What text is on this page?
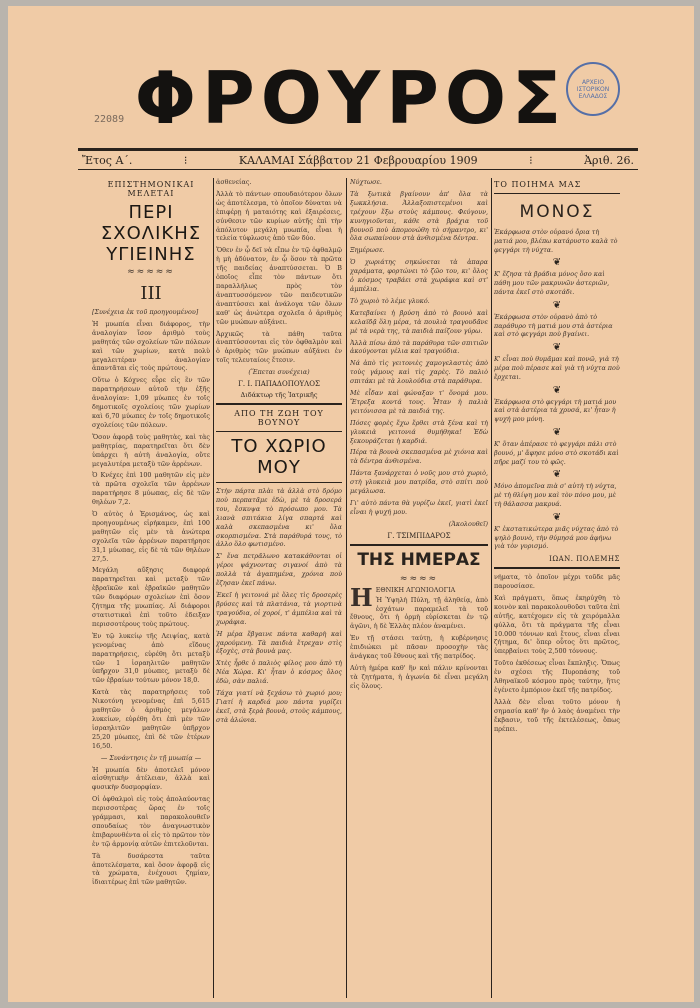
ΦΡΟΥΡΟΣ	ΑΡΧΕΙΟ ΙΣΤΟΡΙΚΟΝ ΕΛΛΑΔΟΣ
22089
Ἔτος Α΄.	⁝	ΚΑΛΑΜΑΙ Σάββατον 21 Φεβρουαρίου 1909	⁝	Ἀριθ. 26.
ΕΠΙΣΤΗΜΟΝΙΚΑΙ ΜΕΛΕΤΑΙ
ΠΕΡΙ ΣΧΟΛΙΚΗΣ ΥΓΙΕΙΝΗΣ
≈≈≈≈≈
III

[Συνέχεια ἐκ τοῦ προηγουμένου]

Ἡ μυωπία εἶναι διάφορος, τὴν ἀναλογίαν ἴσον ἀριθμὸ τοὺς μαθητάς τῶν σχολείων τῶν πόλεων καὶ τῶν χωρίων, κατὰ πολὺ μεγαλειτέραν ἀναλογίαν ἀπαντᾶται εἰς τοὺς πρώτους.

Οὕτω ὁ Κόχνες εὗρε εἰς ἓν τῶν παρατηρήσεων αὐτοῦ τὴν ἑξῆς ἀναλογίαν: 1,09 μύωπες ἐν τοῖς δημοτικοῖς σχολείοις τῶν χωρίων καὶ 6,70 μύωπες ἐν τοῖς δημοτικοῖς σχολείοις τῶν πόλεων.

Ὅσον ἀφορᾷ τοὺς μαθητὰς, καὶ τὰς μαθητρίας, παρατηρεῖται ὅτι δὲν ὑπάρχει ἡ αὐτὴ ἀναλογία, οὔτε μεγαλυτέρα μεταξὺ τῶν ἀρρένων.

Ὁ Κνέχες ἐπὶ 100 μαθητῶν εἰς μὲν τὰ πρῶτα σχολεῖα τῶν ἀρρένων παρατήρησε 8 μύωπας, εἰς δὲ τῶν θηλέων 7,2.

Ὁ αὐτὸς ὁ Ἐρισμάνος, ὡς καὶ προηγουμένως εἰρήκαμεν, ἐπὶ 100 μαθητῶν εἰς μὲν τὰ ἀνώτερα σχολεῖα τῶν ἀρρένων παρατήρησε 31,1 μύωπας, εἰς δὲ τὰ τῶν θηλέων 27,5.

Μεγάλη αὔξησις διαφορά παρατηρεῖται καὶ μεταξὺ τῶν ἑβραϊκῶν καὶ ἑβραϊκῶν μαθητῶν τῶν διαφόρων σχολείων ἐπὶ ὅσον ζήτημα τῆς μυωπίας. Αἱ διάφοροι στατιστικαὶ ἐπὶ τοῦτο ἐδειξαν περισσοτέρους τοὺς πρώτους.

Ἐν τῷ λυκείῳ τῆς Λειψίας, κατὰ γενομένας ἀπὸ εἴδους παρατηρήσεις, εὑρέθη ὅτι μεταξὺ τῶν 1 ἰσραηλιτῶν μαθητῶν ὑπῆρχον 31,0 μύωπες, μεταξὺ δὲ τῶν ἑβραίων τούτων μόνον 18,0.

Κατὰ τὰς παρατηρήσεις τοῦ Νικοτόνη γενομένας ἐπὶ 5,615 μαθητῶν ὁ ἀριθμὸς μεγάλων λυκείων, εὑρέθη ὅτι ἐπὶ μὲν τῶν ἰσραηλιτῶν μαθητῶν ὑπῆρχον 25,20 μύωπες, ἐπὶ δὲ τῶν ἑτέρων 16,50.

— Συνάντησις ἐν τῇ μυωπίᾳ —

Ἡ μυωπία δὲν ἀποτελεῖ μόνον αἰσθητικὴν ἀτέλειαν, ἀλλὰ καὶ φυσικὴν δυσμορφίαν.

Οἱ ὀφθαλμοὶ εἰς τοὺς ἀπολαύοντας περισσοτέρας ὥρας ἐν τοῖς γράμμασι, καὶ παρακολουθεῖν σπουδαίως τὸν ἀναγνωστικὸν ἐπιβαρυνθέντα οἱ εἰς τὸ πρῶτον τὸν ἐν τῷ ἁρμονίᾳ αὐτῶν ἐπιτελοῦνται.

Τὰ δυσάρεστα ταῦτα ἀποτελέσματα, καὶ ὅσον ἀφορᾷ εἰς τὰ χρώματα, ἐνέχουσι ζημίαν, ἰδιαιτέρως ἐπὶ τῶν μαθητῶν.

ἀσθενείας.

Ἀλλὰ τὸ πάντων σπουδαιότερον ὅλων ὡς ἀποτέλεσμα, τὸ ὁποῖον δύναται νὰ ἐπιφέρῃ ἡ ματαιότης καὶ ἐξαιρέσεις, σύνθεσιν τῶν κυρίων αὐτῆς ἐπὶ τὴν ἀπόλυτον μεγάλη μυωπία, εἶναι ἡ τελεία τύφλωσις ἀπὸ τῶν δύο.

Ὅθεν ἐν ᾧ δεῖ νὰ εἴπω ἐν τῷ ὀφθαλμῷ ἡ μὴ ἀδύνατον, ἐν ᾧ ὅσον τὰ πρῶτα τῆς παιδείας ἀναπτύσσεται. Ὁ Β ὁποῖος εἶπε τὸν πάντων ὅτι παραλλήλως πρὸς τὸν ἀναπτυσσόμενον τῶν παιδευτικῶν ἀναπτύσσει καὶ ἀνάλογα τῶν ὅλων καθ' ὡς ἀνώτερα σχολεῖα ὁ ἀριθμὸς τῶν μυώπων αὐξάνει.

Ἀρχικῶς τὰ πάθη ταῦτα ἀναπτύσσονται εἰς τὸν ὀφθαλμὸν καὶ ὁ ἀριθμὸς τῶν μυώπων αὐξάνει ἐν τοῖς τελευταίοις ἔτεσιν.

(Ἕπεται συνέχεια)

Γ. Ι. ΠΑΠΑΔΟΠΟΥΛΟΣ
Διδάκτωρ τῆς Ἰατρικῆς
ΑΠΟ ΤΗ ΖΩΗ ΤΟΥ ΒΟΥΝΟΥ
ΤΟ ΧΩΡΙΟ ΜΟΥ

Στὴν πάρτα πλὰι τὰ ἀλλὰ στὸ δρόμο ποὺ περπατᾶμε ἐδὼ, μὲ τὰ δροσερά του, ἔσκυψα τὸ πρόσωπο μου. Τὰ λιανὰ σπιτάκια λίγα σπαρτά καὶ καλὰ σκεπασμένα κι' ὅλα σκορπισμένα. Στὰ παράθυρά τους, τὸ ἀλλο ὅλο φωτισμένο.

Σ' ἕνα πετρᾶλωνο κατακάθονται οἱ γέροι ψάχνοντας σιγανοί ἀπὸ τὰ πολλὰ τὰ ἀγαπημένα, χρόνια ποὺ ἔζησαν ἐκεῖ πάνω.

Ἐκεῖ ἡ γειτονιά μὲ ὅλες τὶς δροσερὲς βρύσες καὶ τὰ πλατάνια, τὰ γιορτινὰ τραγούδια, οἱ χοροί, τ' ἀμπέλια καὶ τὰ χωράφια.

Ἡ μέρα ἔβγαινε πάντα καθαρὴ καὶ χαρούμενη. Τὰ παιδιὰ ἔτρεχαν στὶς ἐξοχὲς, στὰ βουνὰ μας.

Χτὲς ἦρθε ὁ παλιὸς φίλος μου ἀπὸ τὴ Νέα Χώρα. Κι' ἦταν ὁ κόσμος ὅλος ἐδὼ, σὰν παλιά.

Τάχα γιατί νὰ ξεχάσω τὸ χωριό μου; Γιατί ἡ καρδιά μου πάντα γυρίζει ἐκεῖ, στὰ ξερὰ βουνὰ, στοὺς κάμπους, στὰ ἁλώνια.

Νύχτωσε.

Τὰ ξωτικὰ βγαίνουν ἀπ' ὅλα τὰ ξωκκλήσια. Ἀλλαξοπιστεμένοι καὶ τρέχουν ἔξω στοὺς κάμπους. Φεύγουν, κυνηγιοῦνται, κάθε στὰ βράχια τοῦ βουνοῦ ποὺ ἀπομονώθη τὸ σήμαντρο, κι' ὅλα σωπαίνουν στὰ ἀνθισμένα δέντρα.

Ξημέρωσε.

Ὁ χωριάτης σηκώνεται τὰ ἀπαρα χαράματα, φορτώνει τὸ ζῶο του, κι' ὅλος ὁ κόσμος τραβάει στὰ χωράφια καὶ στ' ἀμπέλια.

Τὸ χωριὸ τὸ λέμε γλυκό.

Κατεβαίνει ἡ βρύση ἀπὸ τὸ βουνὸ καὶ κελαϊδᾷ ὅλη μέρα, τὰ πουλιὰ τραγουδᾶνε μὲ τὰ νερὰ της, τὰ παιδιὰ παίζουν γύρω.

Ἀλλὰ πίσω ἀπὸ τὰ παράθυρα τῶν σπιτιῶν ἀκούγονται γέλια καὶ τραγούδια.

Νά ἀπὸ τὶς γειτονιὲς χαμογελαστὲς ἀπὸ τοὺς γάμους καὶ τὶς χαρὲς. Τὸ παλιὸ σπιτάκι μὲ τὰ λουλούδια στὰ παράθυρα.

Μὲ εἶδαν καὶ φώναξαν τ' ὄνομά μου. Ἔτρεξα κοντά τους. Ἦταν ἡ παλιὰ γειτόνισσα μὲ τὰ παιδιά της.

Πόσες φορὲς ἔχω ἔρθει στὰ ξένα καὶ τὴ γλυκειὰ γειτονιά θυμήθηκα! Ἐδὼ ξεκουράζεται ἡ καρδιά.

Πέρα τὰ βουνὰ σκεπασμένα μὲ χιόνια καὶ τὰ δέντρα ἀνθισμένα.

Πάντα ξανάρχεται ὁ νοῦς μου στὸ χωριὸ, στὴ γλυκειὰ μου πατρίδα, στὸ σπίτι ποὺ μεγάλωσα.

Γι' αὐτὸ πάντα θὰ γυρίζω ἐκεῖ, γιατὶ ἐκεῖ εἶναι ἡ ψυχή μου.

(Ἀκολουθεῖ)

Γ. ΤΣΙΜΠΙΔΑΡΟΣ
ΤΗΣ ΗΜΕΡΑΣ
≈≈≈≈

ΗΕΘΝΙΚΗ ΑΓΩΝΙΟΛΟΓΙΑ

Ἡ Ὑψηλὴ Πύλη, τῇ ἀληθείᾳ, ἀπὸ ἐσχάτων παραμελεῖ τὰ τοῦ ἔθνους, ὅτι ἡ ὁρμὴ εὑρίσκεται ἐν τῷ ἀγῶνι, ἡ δὲ Ἑλλὰς πλέον ἀναμένει.

Ἐν τῇ στάσει ταύτῃ, ἡ κυβέρνησις ἐπιδιώκει μὲ πᾶσαν προσοχὴν τὰς ἀνάγκας τοῦ ἔθνους καὶ τῆς πατρίδος.

Αὐτὴ ἡμέρα καθ' ἣν καὶ πάλιν κρίνονται τὰ ζητήματα, ἡ ἀγωνία δὲ εἶναι μεγάλη εἰς ὅλους.

ΤΟ ΠΟΙΗΜΑ ΜΑΣ
ΜΟΝΟΣ

Ἐκάρφωσα στὸν οὐρανό ὄρια τὴ ματιά μου, βλέπω κατάρυστο καλὰ τὸ φεγγάρι τὴ νύχτα.

❦

Κ' ἔζησα τὰ βράδια μόνος ὅσο καὶ πάθη μου τῶν μακρυνῶν ἀστεριῶν, πάντα ἐκεῖ στὸ σκοτάδι.

❦

Ἐκάρφωσα στὸν οὐρανὸ ἀπὸ τὸ παράθυρο τὴ ματιά μου στὰ ἀστέρια καὶ στὸ φεγγάρι ποὺ βγαίνει.

❦

Κ' εἶναι ποὺ θυμᾶμαι καὶ πονῶ, γιὰ τὴ μέρα ποὺ πέρασε καὶ γιὰ τὴ νύχτα ποὺ ἔρχεται.

❦

Ἐκάρφωσα στὸ φεγγάρι τὴ ματιά μου καὶ στὰ ἀστέρια τὰ χρυσά, κι' ἦταν ἡ ψυχή μου μόνη.

❦

Κ' ὅταν ἀπέρασε τὸ φεγγάρι πάλι στὸ βουνό, μ' ἄφησε μόνο στὸ σκοτάδι καὶ πῆρε μαζί του τὸ φῶς.

❦

Μόνο ἀπομεῖνα πιὰ σ' αὐτὴ τὴ νύχτα, μὲ τὴ θλίψη μου καὶ τὸν πόνο μου, μὲ τὴ θάλασσα μακρυά.

❦

Κ' ἐκστατικώτερα μιᾶς νύχτας ἀπὸ τὸ ψηλὸ βουνὸ, τὴν θύμησά μου ἀφήνω γιὰ τὸν γυρισμό.

ΙΩΑΝ. ΠΟΛΕΜΗΣ

νήματα, τὸ ὁποῖον μέχρι τοῦδε μᾶς παρουσίασε.

Καὶ πράγματι, ὅπως ἐκηρύχθη τὸ κοινὸν καὶ παρακολουθοῦσι ταῦτα ἐπὶ αὐτῆς, κατέχομεν εἰς τὰ χειρόμαλλα φύλλα, ὅτι τὰ πράγματα τῆς εἶναι 10.000 τόννων καὶ ἔτους, εἶναι εἶναι ζήτημα, δι' ὅπερ οὗτος ὅτι πρῶτος, ὑπερβαίνει τοὺς 2,500 τόννους.

Τοῦτο ἐκθέσεως εἶναι ἔκπληξις. Ὅπως ἐν σχέσει τῆς Πυροπάσης τοῦ Ἀθηναϊκοῦ κόσμου πρὸς ταύτην, ἥτις ἐγένετο ἐμπόριον ἐκεῖ τῆς πατρίδος.

Ἀλλὰ δὲν εἶναι τοῦτο μόνον ἡ σημασία καθ' ἣν ὁ λαὸς ἀναμένει τὴν ἔκβασιν, τοῦ τῆς ἐκτελέσεως, ὅπως πρέπει.
